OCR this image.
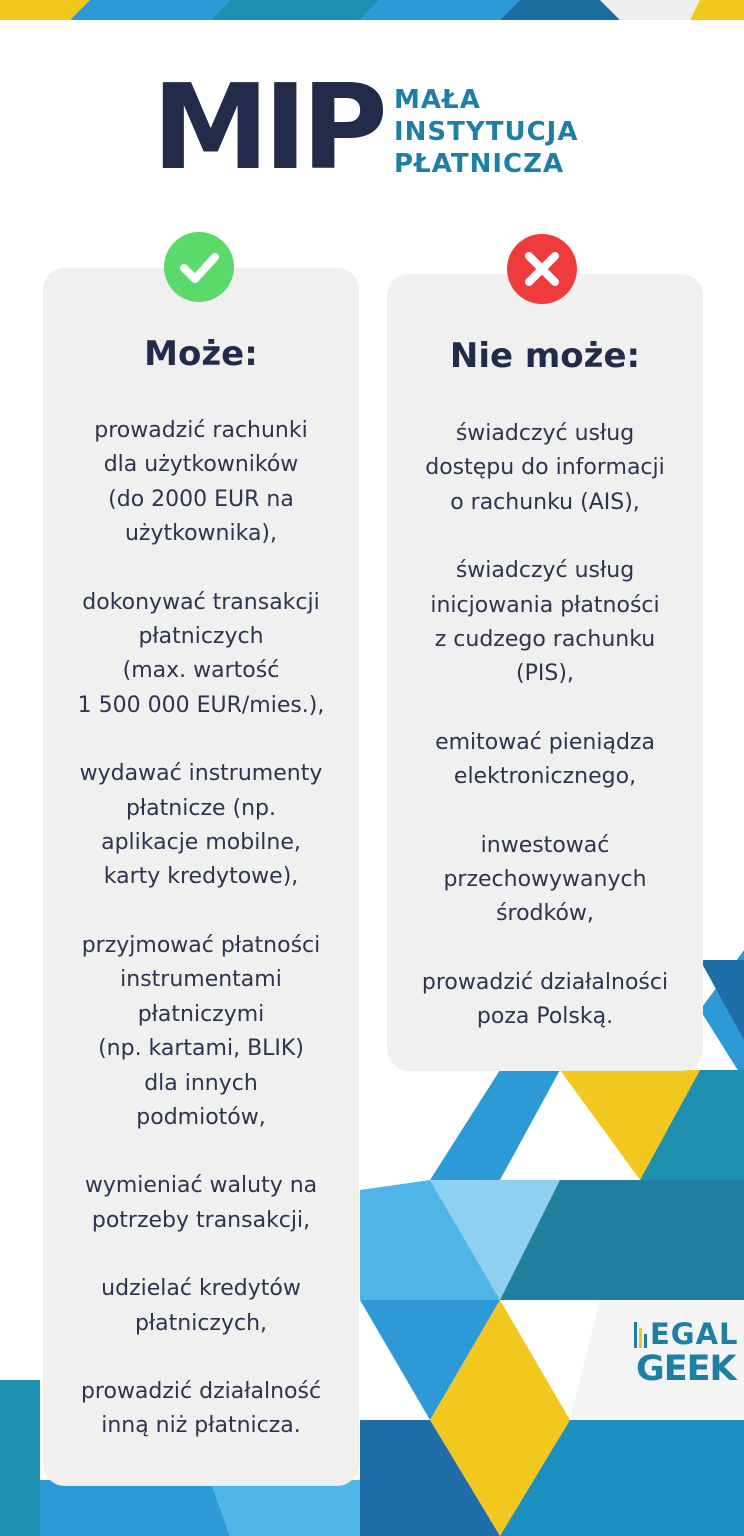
MIP MAŁA
INSTYTUCJA
PŁATNICZA
Może:	Nie może:
prowadzić rachunki
dla użytkowników
(do 2000 EUR na
użytkownika),
dokonywać transakcji
płatniczych
(max. wartość
1 500 000 EUR/mies.),
wydawać instrumenty
płatnicze (np.
aplikacje mobilne,
karty kredytowe),
przyjmować płatności
instrumentami
płatniczymi
(np. kartami, BLIK)
dla innych
podmiotów,
wymieniać waluty na
potrzeby transakcji,
udzielać kredytów
płatniczych,
prowadzić działalność
inną niż płatnicza.
świadczyć usług
dostępu do informacji
o rachunku (AIS),
świadczyć usług
inicjowania płatności
z cudzego rachunku
(PIS),
emitować pieniądza
elektronicznego,
inwestować
przechowywanych
środków,
prowadzić działalności
poza Polską.
EGAL
GEEK
